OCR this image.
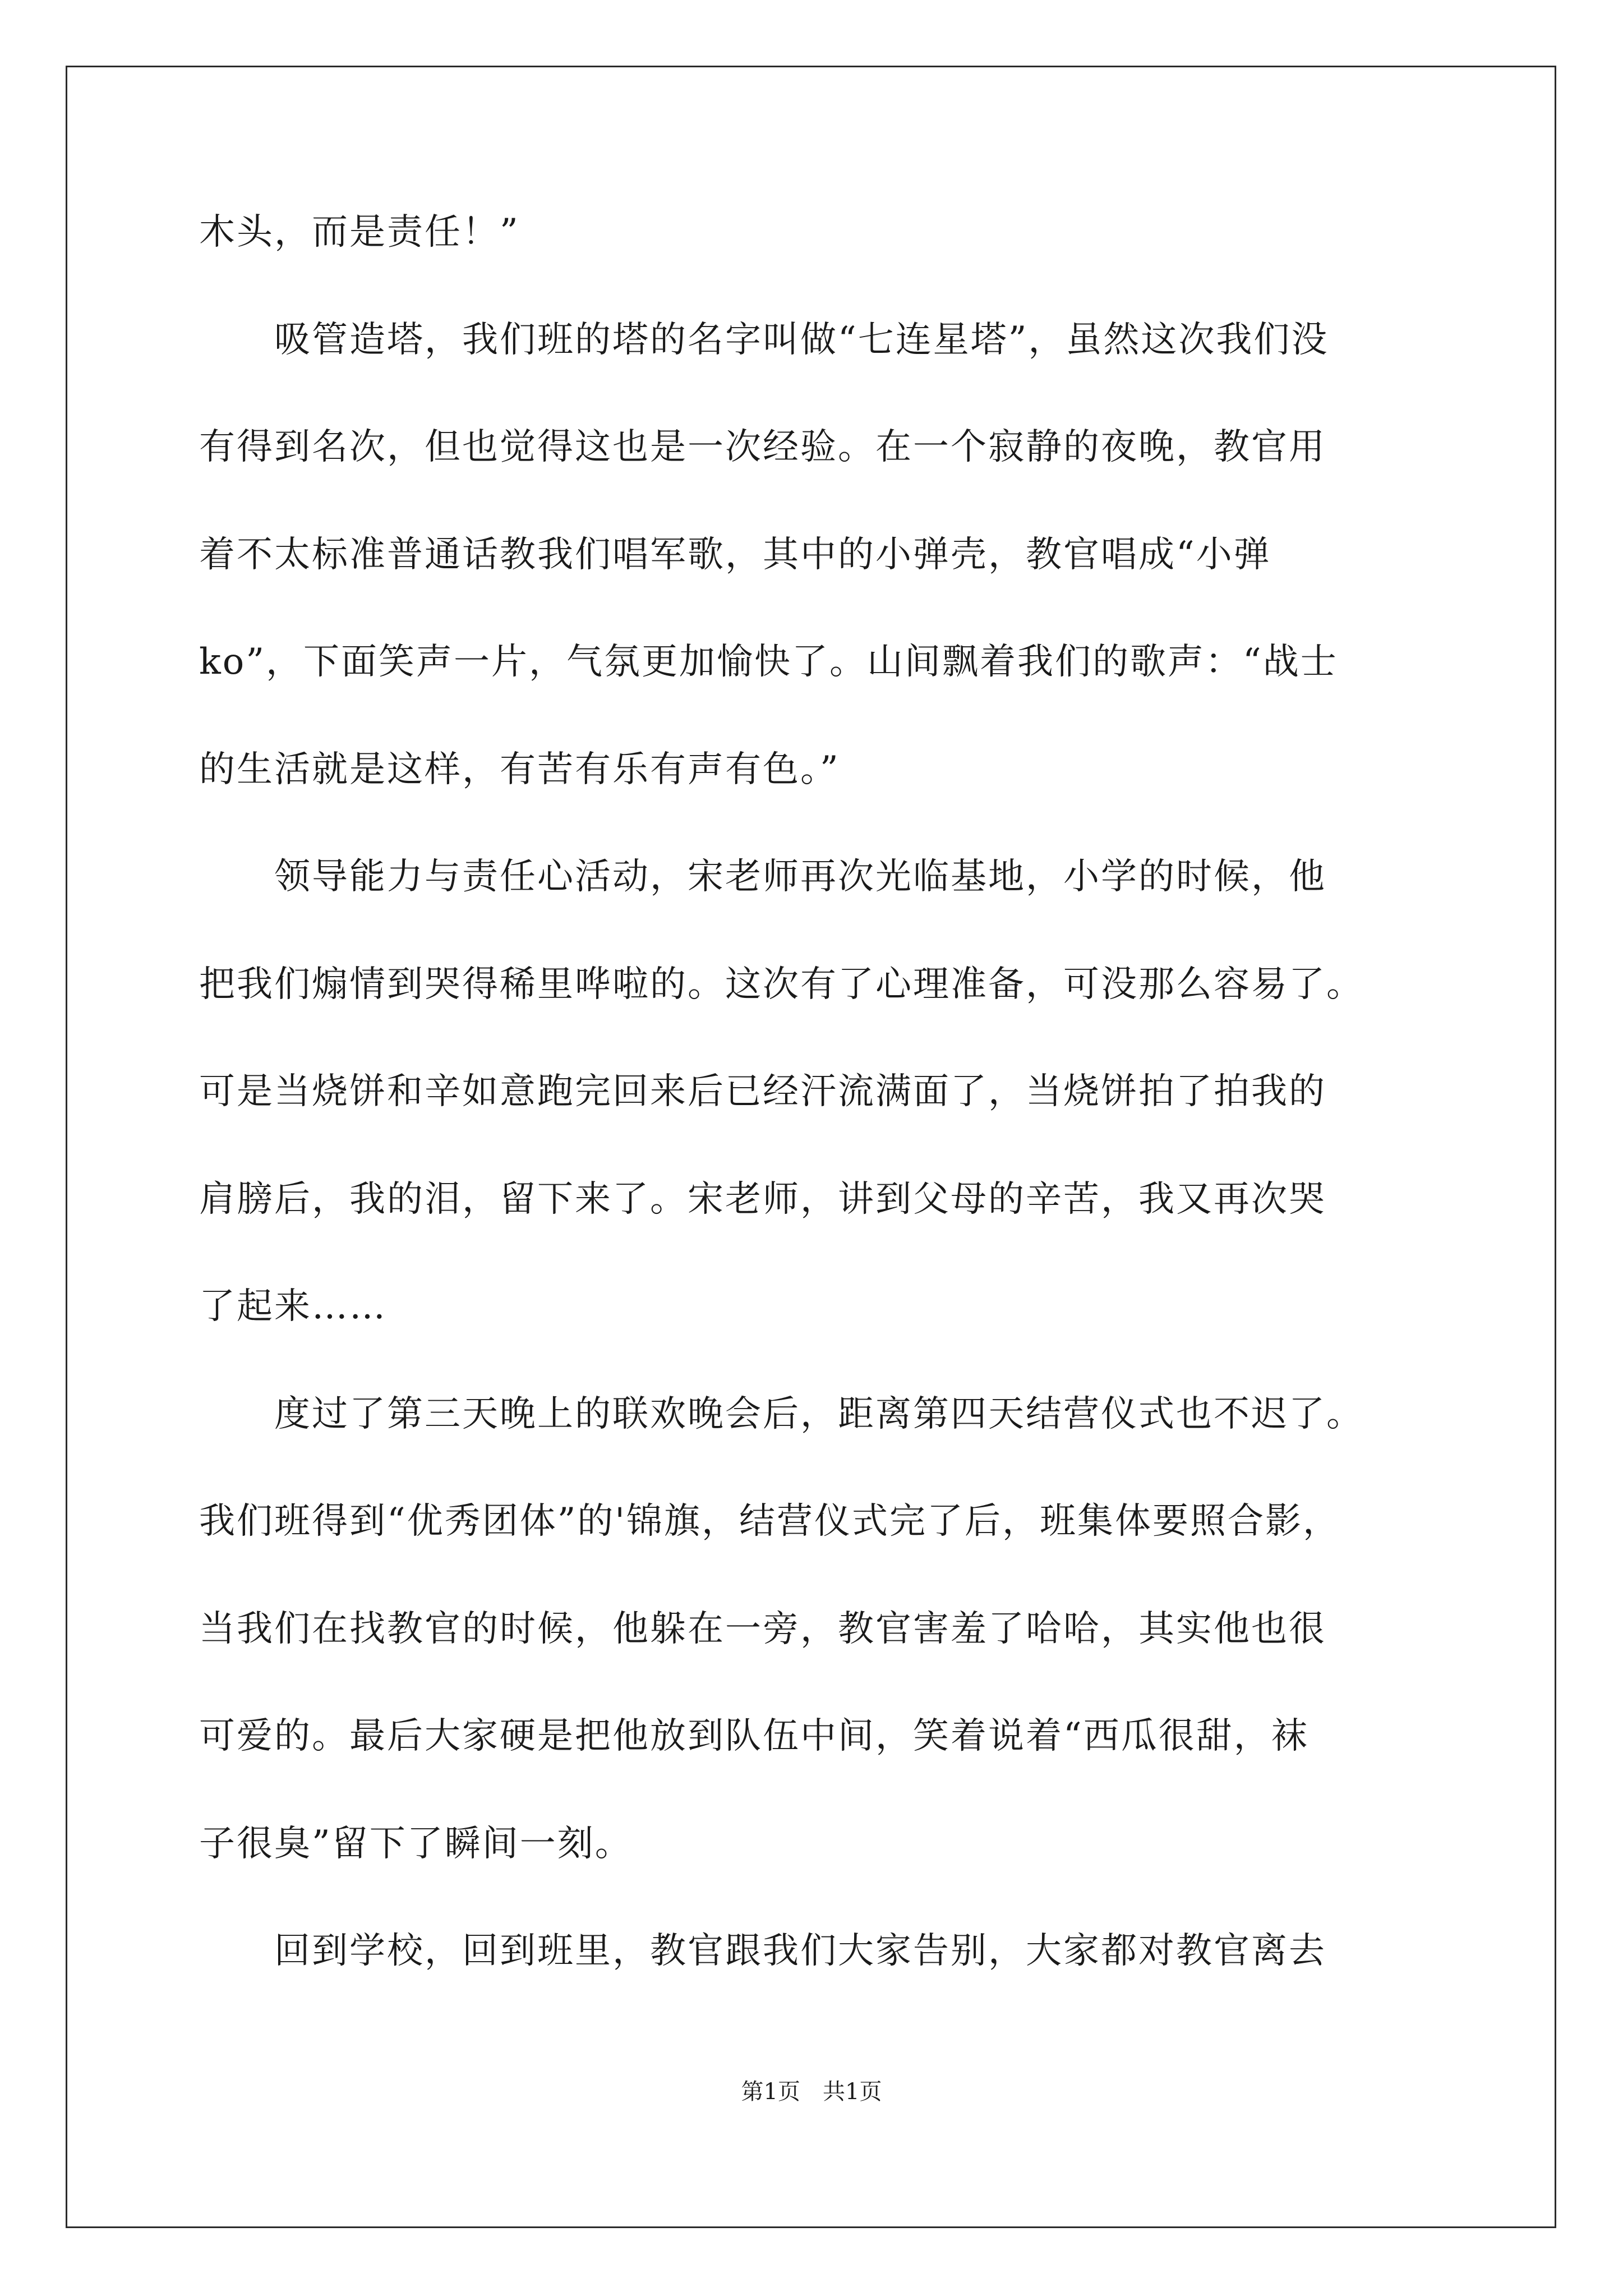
木头，而是责任！”
　　吸管造塔，我们班的塔的名字叫做“七连星塔”，虽然这次我们没
有得到名次，但也觉得这也是一次经验。在一个寂静的夜晚，教官用
着不太标准普通话教我们唱军歌，其中的小弹壳，教官唱成“小弹
ko”，下面笑声一片，气氛更加愉快了。山间飘着我们的歌声：“战士
的生活就是这样，有苦有乐有声有色。”
　　领导能力与责任心活动，宋老师再次光临基地，小学的时候，他
把我们煽情到哭得稀里哗啦的。这次有了心理准备，可没那么容易了。
可是当烧饼和辛如意跑完回来后已经汗流满面了，当烧饼拍了拍我的
肩膀后，我的泪，留下来了。宋老师，讲到父母的辛苦，我又再次哭
了起来……
　　度过了第三天晚上的联欢晚会后，距离第四天结营仪式也不迟了。
我们班得到“优秀团体”的'锦旗，结营仪式完了后，班集体要照合影，
当我们在找教官的时候，他躲在一旁，教官害羞了哈哈，其实他也很
可爱的。最后大家硬是把他放到队伍中间，笑着说着“西瓜很甜，袜
子很臭”留下了瞬间一刻。
　　回到学校，回到班里，教官跟我们大家告别，大家都对教官离去
第1页　共1页
